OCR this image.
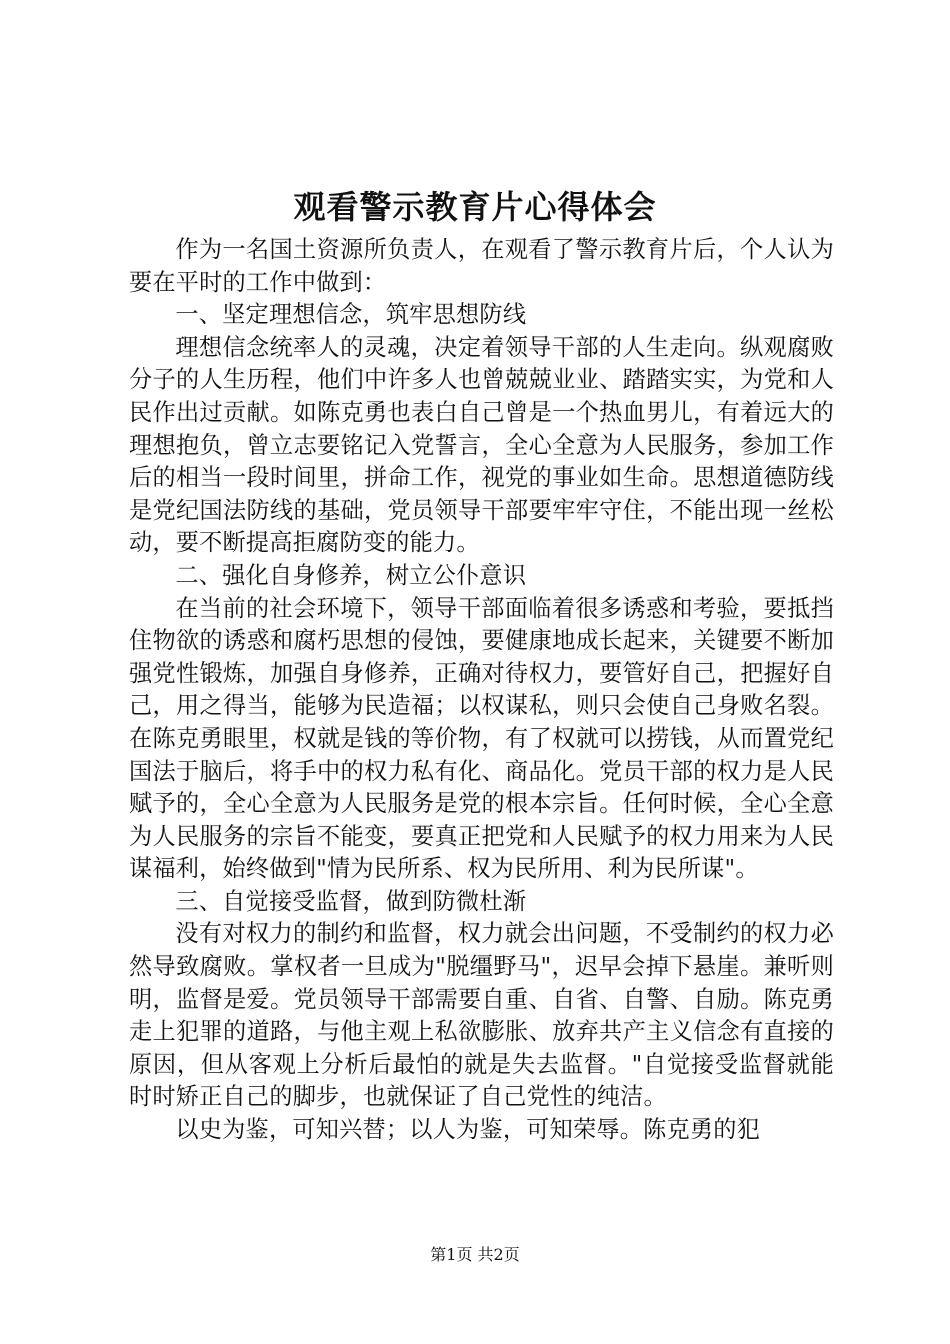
观看警示教育片心得体会

作为一名国土资源所负责人，在观看了警示教育片后，个人认为要在平时的工作中做到：

一、坚定理想信念，筑牢思想防线

理想信念统率人的灵魂，决定着领导干部的人生走向。纵观腐败分子的人生历程，他们中许多人也曾兢兢业业、踏踏实实，为党和人民作出过贡献。如陈克勇也表白自己曾是一个热血男儿，有着远大的理想抱负，曾立志要铭记入党誓言，全心全意为人民服务，参加工作后的相当一段时间里，拼命工作，视党的事业如生命。思想道德防线是党纪国法防线的基础，党员领导干部要牢牢守住，不能出现一丝松动，要不断提高拒腐防变的能力。

二、强化自身修养，树立公仆意识

在当前的社会环境下，领导干部面临着很多诱惑和考验，要抵挡住物欲的诱惑和腐朽思想的侵蚀，要健康地成长起来，关键要不断加强党性锻炼，加强自身修养，正确对待权力，要管好自己，把握好自己，用之得当，能够为民造福；以权谋私，则只会使自己身败名裂。在陈克勇眼里，权就是钱的等价物，有了权就可以捞钱，从而置党纪国法于脑后，将手中的权力私有化、商品化。党员干部的权力是人民赋予的，全心全意为人民服务是党的根本宗旨。任何时候，全心全意为人民服务的宗旨不能变，要真正把党和人民赋予的权力用来为人民谋福利，始终做到"情为民所系、权为民所用、利为民所谋"。

三、自觉接受监督，做到防微杜渐

没有对权力的制约和监督，权力就会出问题，不受制约的权力必然导致腐败。掌权者一旦成为"脱缰野马"，迟早会掉下悬崖。兼听则明，监督是爱。党员领导干部需要自重、自省、自警、自励。陈克勇走上犯罪的道路，与他主观上私欲膨胀、放弃共产主义信念有直接的原因，但从客观上分析后最怕的就是失去监督。"自觉接受监督就能时时矫正自己的脚步，也就保证了自己党性的纯洁。

以史为鉴，可知兴替；以人为鉴，可知荣辱。陈克勇的犯

第1页 共2页
